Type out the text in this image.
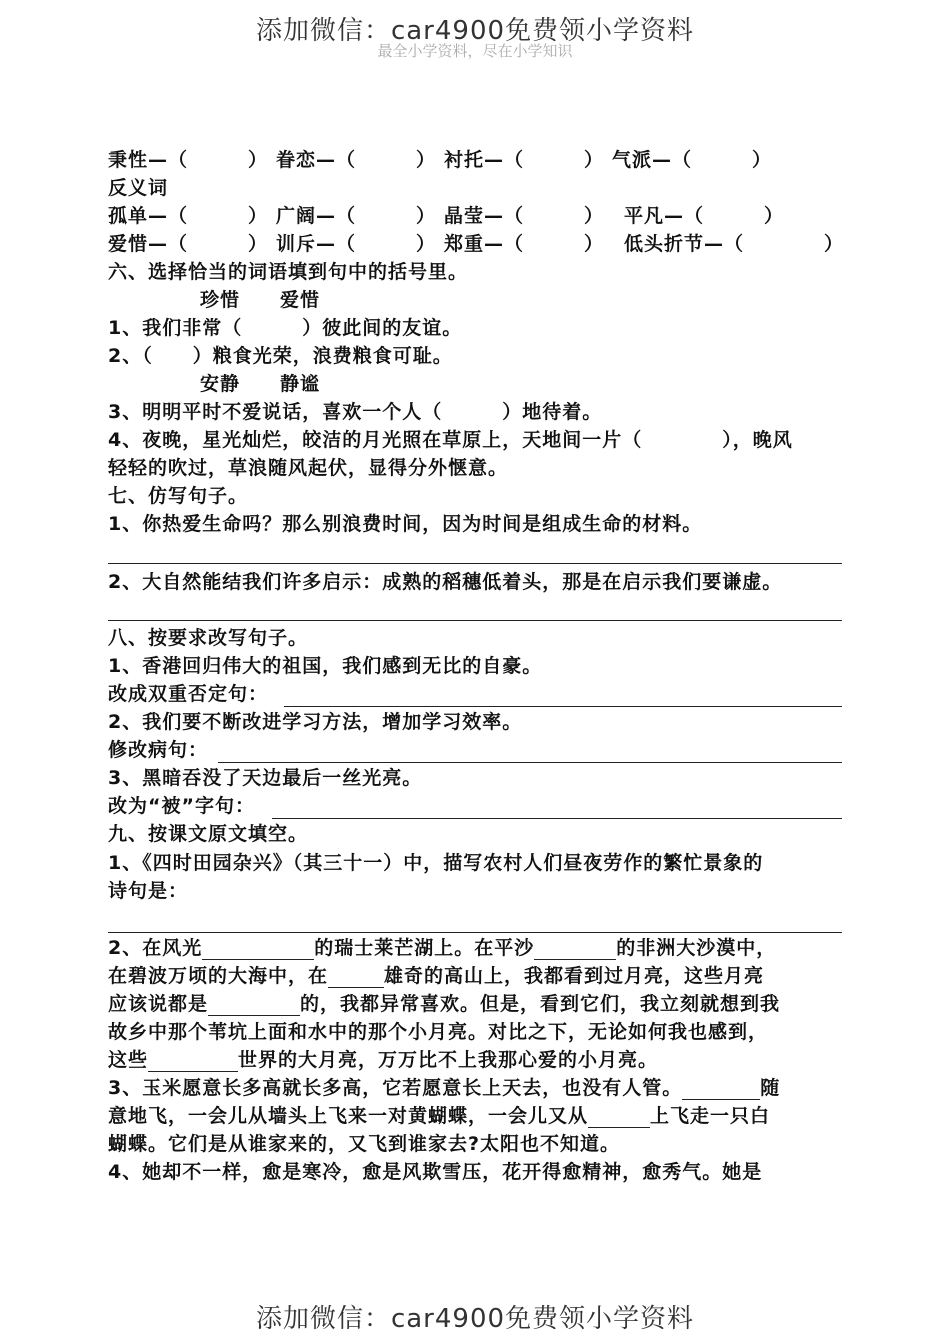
添加微信：car4900免费领小学资料
最全小学资料，尽在小学知识
秉性—（　　　） 眷恋—（　　　） 衬托—（　　　） 气派—（　　　）
反义词
孤单—（　　　） 广阔—（　　　） 晶莹—（　　　） 平凡—（　　　）
爱惜—（　　　） 训斥—（　　　） 郑重—（　　　） 低头折节—（　　　　）
六、选择恰当的词语填到句中的括号里。
珍惜　　爱惜
1、我们非常（　　　）彼此间的友谊。
2、（　　）粮食光荣，浪费粮食可耻。
安静　　静谧
3、明明平时不爱说话，喜欢一个人（　　　）地待着。
4、夜晚，星光灿烂，皎洁的月光照在草原上，天地间一片（　　　　），晚风
轻轻的吹过，草浪随风起伏，显得分外惬意。
七、仿写句子。
1、你热爱生命吗？那么别浪费时间，因为时间是组成生命的材料。
2、大自然能结我们许多启示：成熟的稻穗低着头，那是在启示我们要谦虚。
八、按要求改写句子。
1、香港回归伟大的祖国，我们感到无比的自豪。
改成双重否定句：
2、我们要不断改进学习方法，增加学习效率。
修改病句：
3、黑暗吞没了天边最后一丝光亮。
改为“被”字句：
九、按课文原文填空。
1、《四时田园杂兴》（其三十一）中，描写农村人们昼夜劳作的繁忙景象的
诗句是：
2、在风光	的瑞士莱芒湖上。在平沙	的非洲大沙漠中，
在碧波万顷的大海中，在	雄奇的高山上，我都看到过月亮，这些月亮
应该说都是	的，我都异常喜欢。但是，看到它们，我立刻就想到我
故乡中那个苇坑上面和水中的那个小月亮。对比之下，无论如何我也感到，
这些	世界的大月亮，万万比不上我那心爱的小月亮。
3、玉米愿意长多高就长多高，它若愿意长上天去，也没有人管。	随
意地飞，一会儿从墙头上飞来一对黄蝴蝶，一会儿又从	上飞走一只白
蝴蝶。它们是从谁家来的，又飞到谁家去?太阳也不知道。
4、她却不一样，愈是寒冷，愈是风欺雪压，花开得愈精神，愈秀气。她是
添加微信：car4900免费领小学资料
